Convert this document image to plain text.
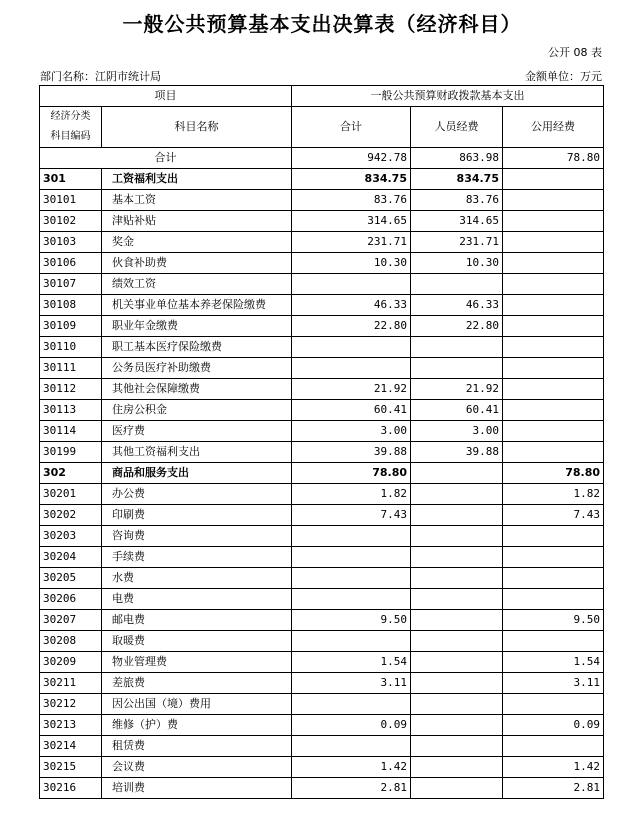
一般公共预算基本支出决算表（经济科目）
公开 08 表
部门名称：江阴市统计局	金额单位：万元
项目		一般公共预算财政拨款基本支出		
经济分类
科目编码	科目名称	合计	人员经费	公用经费
合计		942.78	863.98	78.80
301	工资福利支出	834.75	834.75	
30101	基本工资	83.76	83.76	
30102	津贴补贴	314.65	314.65	
30103	奖金	231.71	231.71	
30106	伙食补助费	10.30	10.30	
30107	绩效工资			
30108	机关事业单位基本养老保险缴费	46.33	46.33	
30109	职业年金缴费	22.80	22.80	
30110	职工基本医疗保险缴费			
30111	公务员医疗补助缴费			
30112	其他社会保障缴费	21.92	21.92	
30113	住房公积金	60.41	60.41	
30114	医疗费	3.00	3.00	
30199	其他工资福利支出	39.88	39.88	
302	商品和服务支出	78.80		78.80
30201	办公费	1.82		1.82
30202	印刷费	7.43		7.43
30203	咨询费			
30204	手续费			
30205	水费			
30206	电费			
30207	邮电费	9.50		9.50
30208	取暖费			
30209	物业管理费	1.54		1.54
30211	差旅费	3.11		3.11
30212	因公出国（境）费用			
30213	维修（护）费	0.09		0.09
30214	租赁费			
30215	会议费	1.42		1.42
30216	培训费	2.81		2.81
